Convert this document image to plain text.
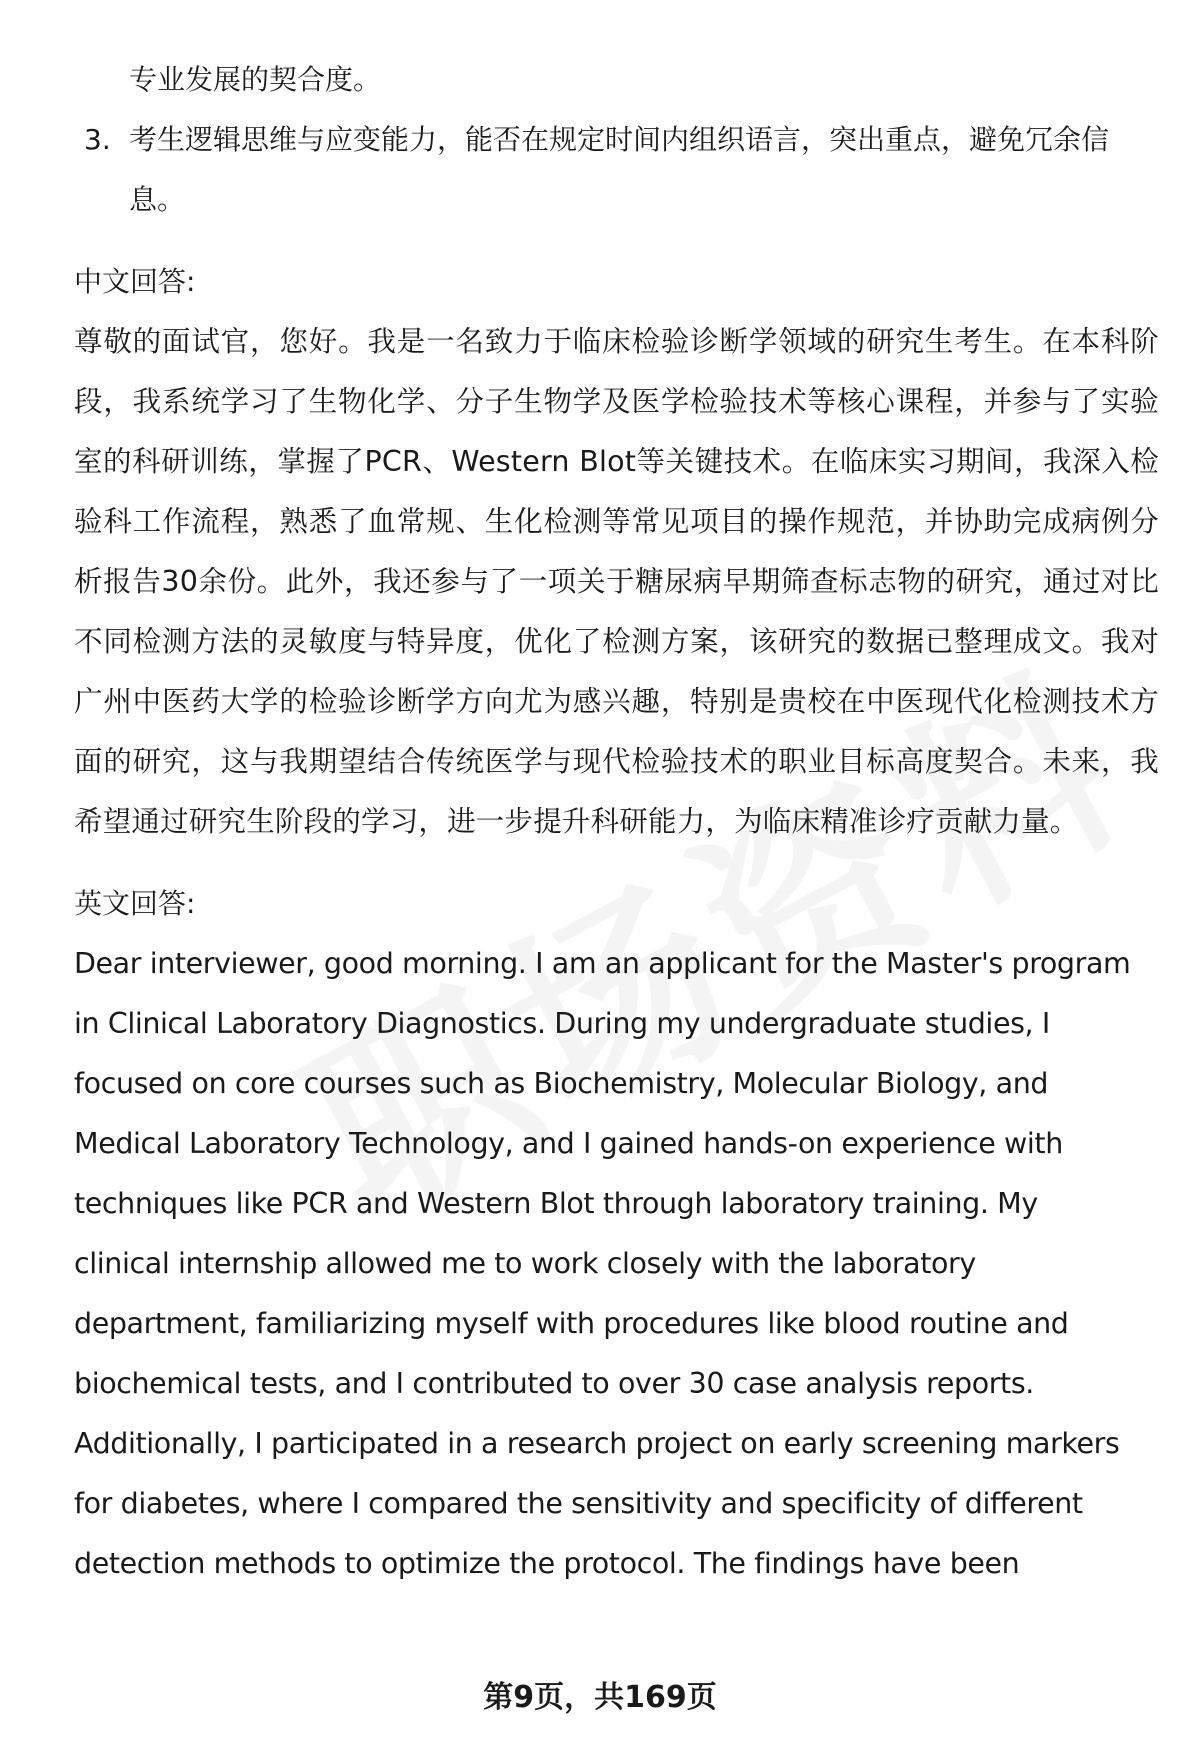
专业发展的契合度。
3. 考生逻辑思维与应变能力，能否在规定时间内组织语言，突出重点，避免冗余信息。
中文回答:
尊敬的面试官，您好。我是一名致力于临床检验诊断学领域的研究生考生。在本科阶段，我系统学习了生物化学、分子生物学及医学检验技术等核心课程，并参与了实验室的科研训练，掌握了PCR、Western Blot等关键技术。在临床实习期间，我深入检验科工作流程，熟悉了血常规、生化检测等常见项目的操作规范，并协助完成病例分析报告30余份。此外，我还参与了一项关于糖尿病早期筛查标志物的研究，通过对比不同检测方法的灵敏度与特异度，优化了检测方案，该研究的数据已整理成文。我对广州中医药大学的检验诊断学方向尤为感兴趣，特别是贵校在中医现代化检测技术方面的研究，这与我期望结合传统医学与现代检验技术的职业目标高度契合。未来，我希望通过研究生阶段的学习，进一步提升科研能力，为临床精准诊疗贡献力量。
英文回答:
Dear interviewer, good morning. I am an applicant for the Master's program
in Clinical Laboratory Diagnostics. During my undergraduate studies, I
focused on core courses such as Biochemistry, Molecular Biology, and
Medical Laboratory Technology, and I gained hands-on experience with
techniques like PCR and Western Blot through laboratory training. My
clinical internship allowed me to work closely with the laboratory
department, familiarizing myself with procedures like blood routine and
biochemical tests, and I contributed to over 30 case analysis reports.
Additionally, I participated in a research project on early screening markers
for diabetes, where I compared the sensitivity and specificity of different
detection methods to optimize the protocol. The findings have been
第9页，共169页
